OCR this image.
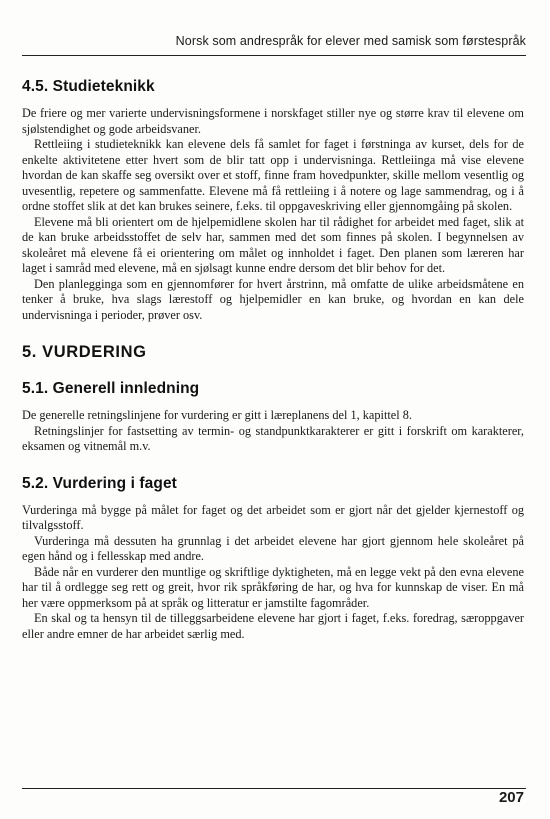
Norsk som andrespråk for elever med samisk som førstespråk
4.5. Studieteknikk

De friere og mer varierte undervisningsformene i norskfaget stiller nye og større krav til elevene om sjølstendighet og gode arbeidsvaner.

Rettleiing i studieteknikk kan elevene dels få samlet for faget i førstninga av kurset, dels for de enkelte aktivitetene etter hvert som de blir tatt opp i undervisninga. Rettleiinga må vise elevene hvordan de kan skaffe seg oversikt over et stoff, finne fram hovedpunkter, skille mellom vesentlig og uvesentlig, repetere og sammenfatte. Elevene må få rettleiing i å notere og lage sammendrag, og i å ordne stoffet slik at det kan brukes seinere, f.eks. til oppgaveskriving eller gjennomgåing på skolen.

Elevene må bli orientert om de hjelpemidlene skolen har til rådighet for arbeidet med faget, slik at de kan bruke arbeidsstoffet de selv har, sammen med det som finnes på skolen. I begynnelsen av skoleåret må elevene få ei orientering om målet og innholdet i faget. Den planen som læreren har laget i samråd med elevene, må en sjølsagt kunne endre dersom det blir behov for det.

Den planlegginga som en gjennomfører for hvert årstrinn, må omfatte de ulike arbeidsmåtene en tenker å bruke, hva slags lærestoff og hjelpemidler en kan bruke, og hvordan en kan dele undervisninga i perioder, prøver osv.

5. VURDERING
5.1. Generell innledning

De generelle retningslinjene for vurdering er gitt i læreplanens del 1, kapittel 8.

Retningslinjer for fastsetting av termin- og standpunktkarakterer er gitt i forskrift om karakterer, eksamen og vitnemål m.v.

5.2. Vurdering i faget

Vurderinga må bygge på målet for faget og det arbeidet som er gjort når det gjelder kjernestoff og tilvalgsstoff.

Vurderinga må dessuten ha grunnlag i det arbeidet elevene har gjort gjennom hele skoleåret på egen hånd og i fellesskap med andre.

Både når en vurderer den muntlige og skriftlige dyktigheten, må en legge vekt på den evna elevene har til å ordlegge seg rett og greit, hvor rik språkføring de har, og hva for kunnskap de viser. En må her være oppmerksom på at språk og litteratur er jamstilte fagområder.

En skal og ta hensyn til de tilleggsarbeidene elevene har gjort i faget, f.eks. foredrag, særoppgaver eller andre emner de har arbeidet særlig med.

207
